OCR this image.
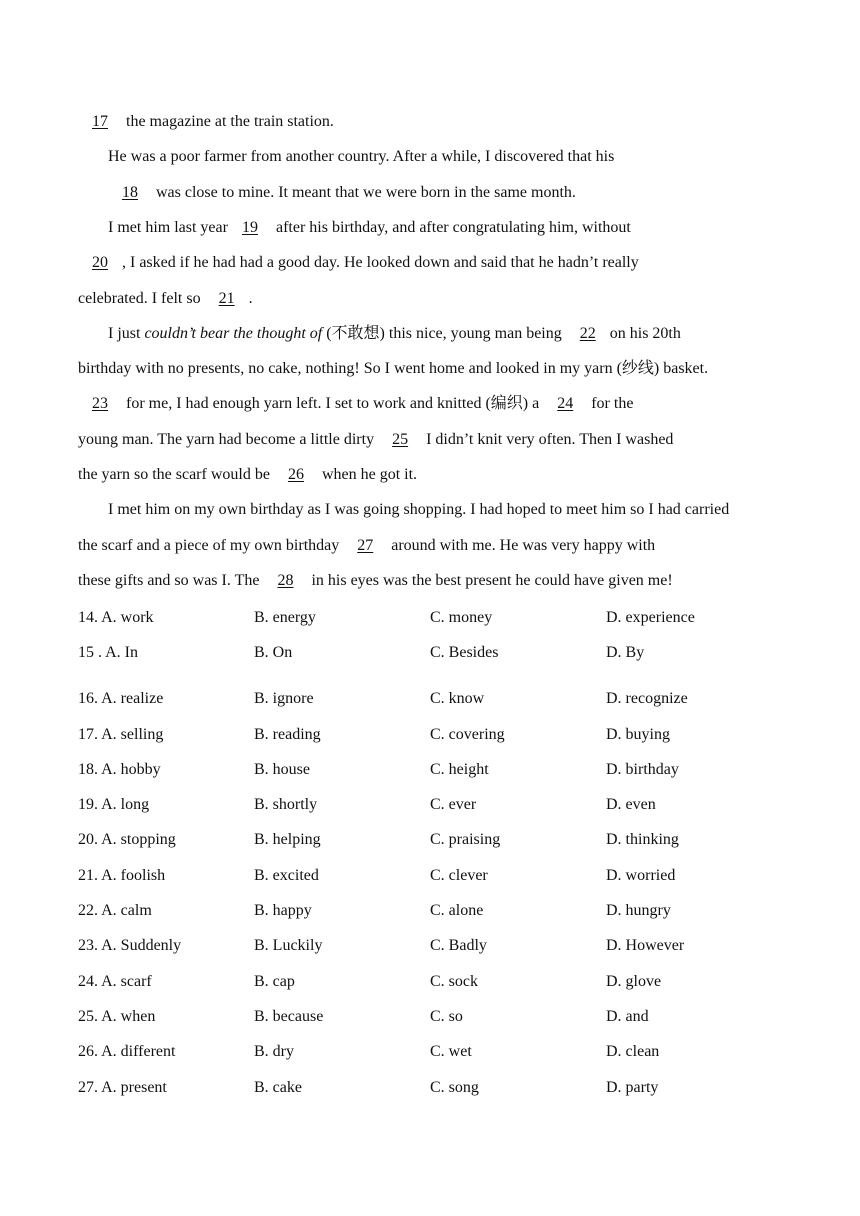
17 the magazine at the train station.

He was a poor farmer from another country. After a while, I discovered that his

18 was close to mine. It meant that we were born in the same month.

I met him last year 19 after his birthday, and after congratulating him, without

20 , I asked if he had had a good day. He looked down and said that he hadn’t really

celebrated. I felt so 21 .

I just couldn’t bear the thought of (不敢想) this nice, young man being 22 on his 20th

birthday with no presents, no cake, nothing! So I went home and looked in my yarn (纱线) basket.

23 for me, I had enough yarn left. I set to work and knitted (编织) a 24 for the

young man. The yarn had become a little dirty 25 I didn’t knit very often. Then I washed

the yarn so the scarf would be 26 when he got it.

I met him on my own birthday as I was going shopping. I had hoped to meet him so I had carried

the scarf and a piece of my own birthday 27 around with me. He was very happy with

these gifts and so was I. The 28 in his eyes was the best present he could have given me!

14. A. work	B. energy	C. money	D. experience
15 . A. In	B. On	C. Besides	D. By
16. A. realize	B. ignore	C. know	D. recognize
17. A. selling	B. reading	C. covering	D. buying
18. A. hobby	B. house	C. height	D. birthday
19. A. long	B. shortly	C. ever	D. even
20. A. stopping	B. helping	C. praising	D. thinking
21. A. foolish	B. excited	C. clever	D. worried
22. A. calm	B. happy	C. alone	D. hungry
23. A. Suddenly	B. Luckily	C. Badly	D. However
24. A. scarf	B. cap	C. sock	D. glove
25. A. when	B. because	C. so	D. and
26. A. different	B. dry	C. wet	D. clean
27. A. present	B. cake	C. song	D. party
